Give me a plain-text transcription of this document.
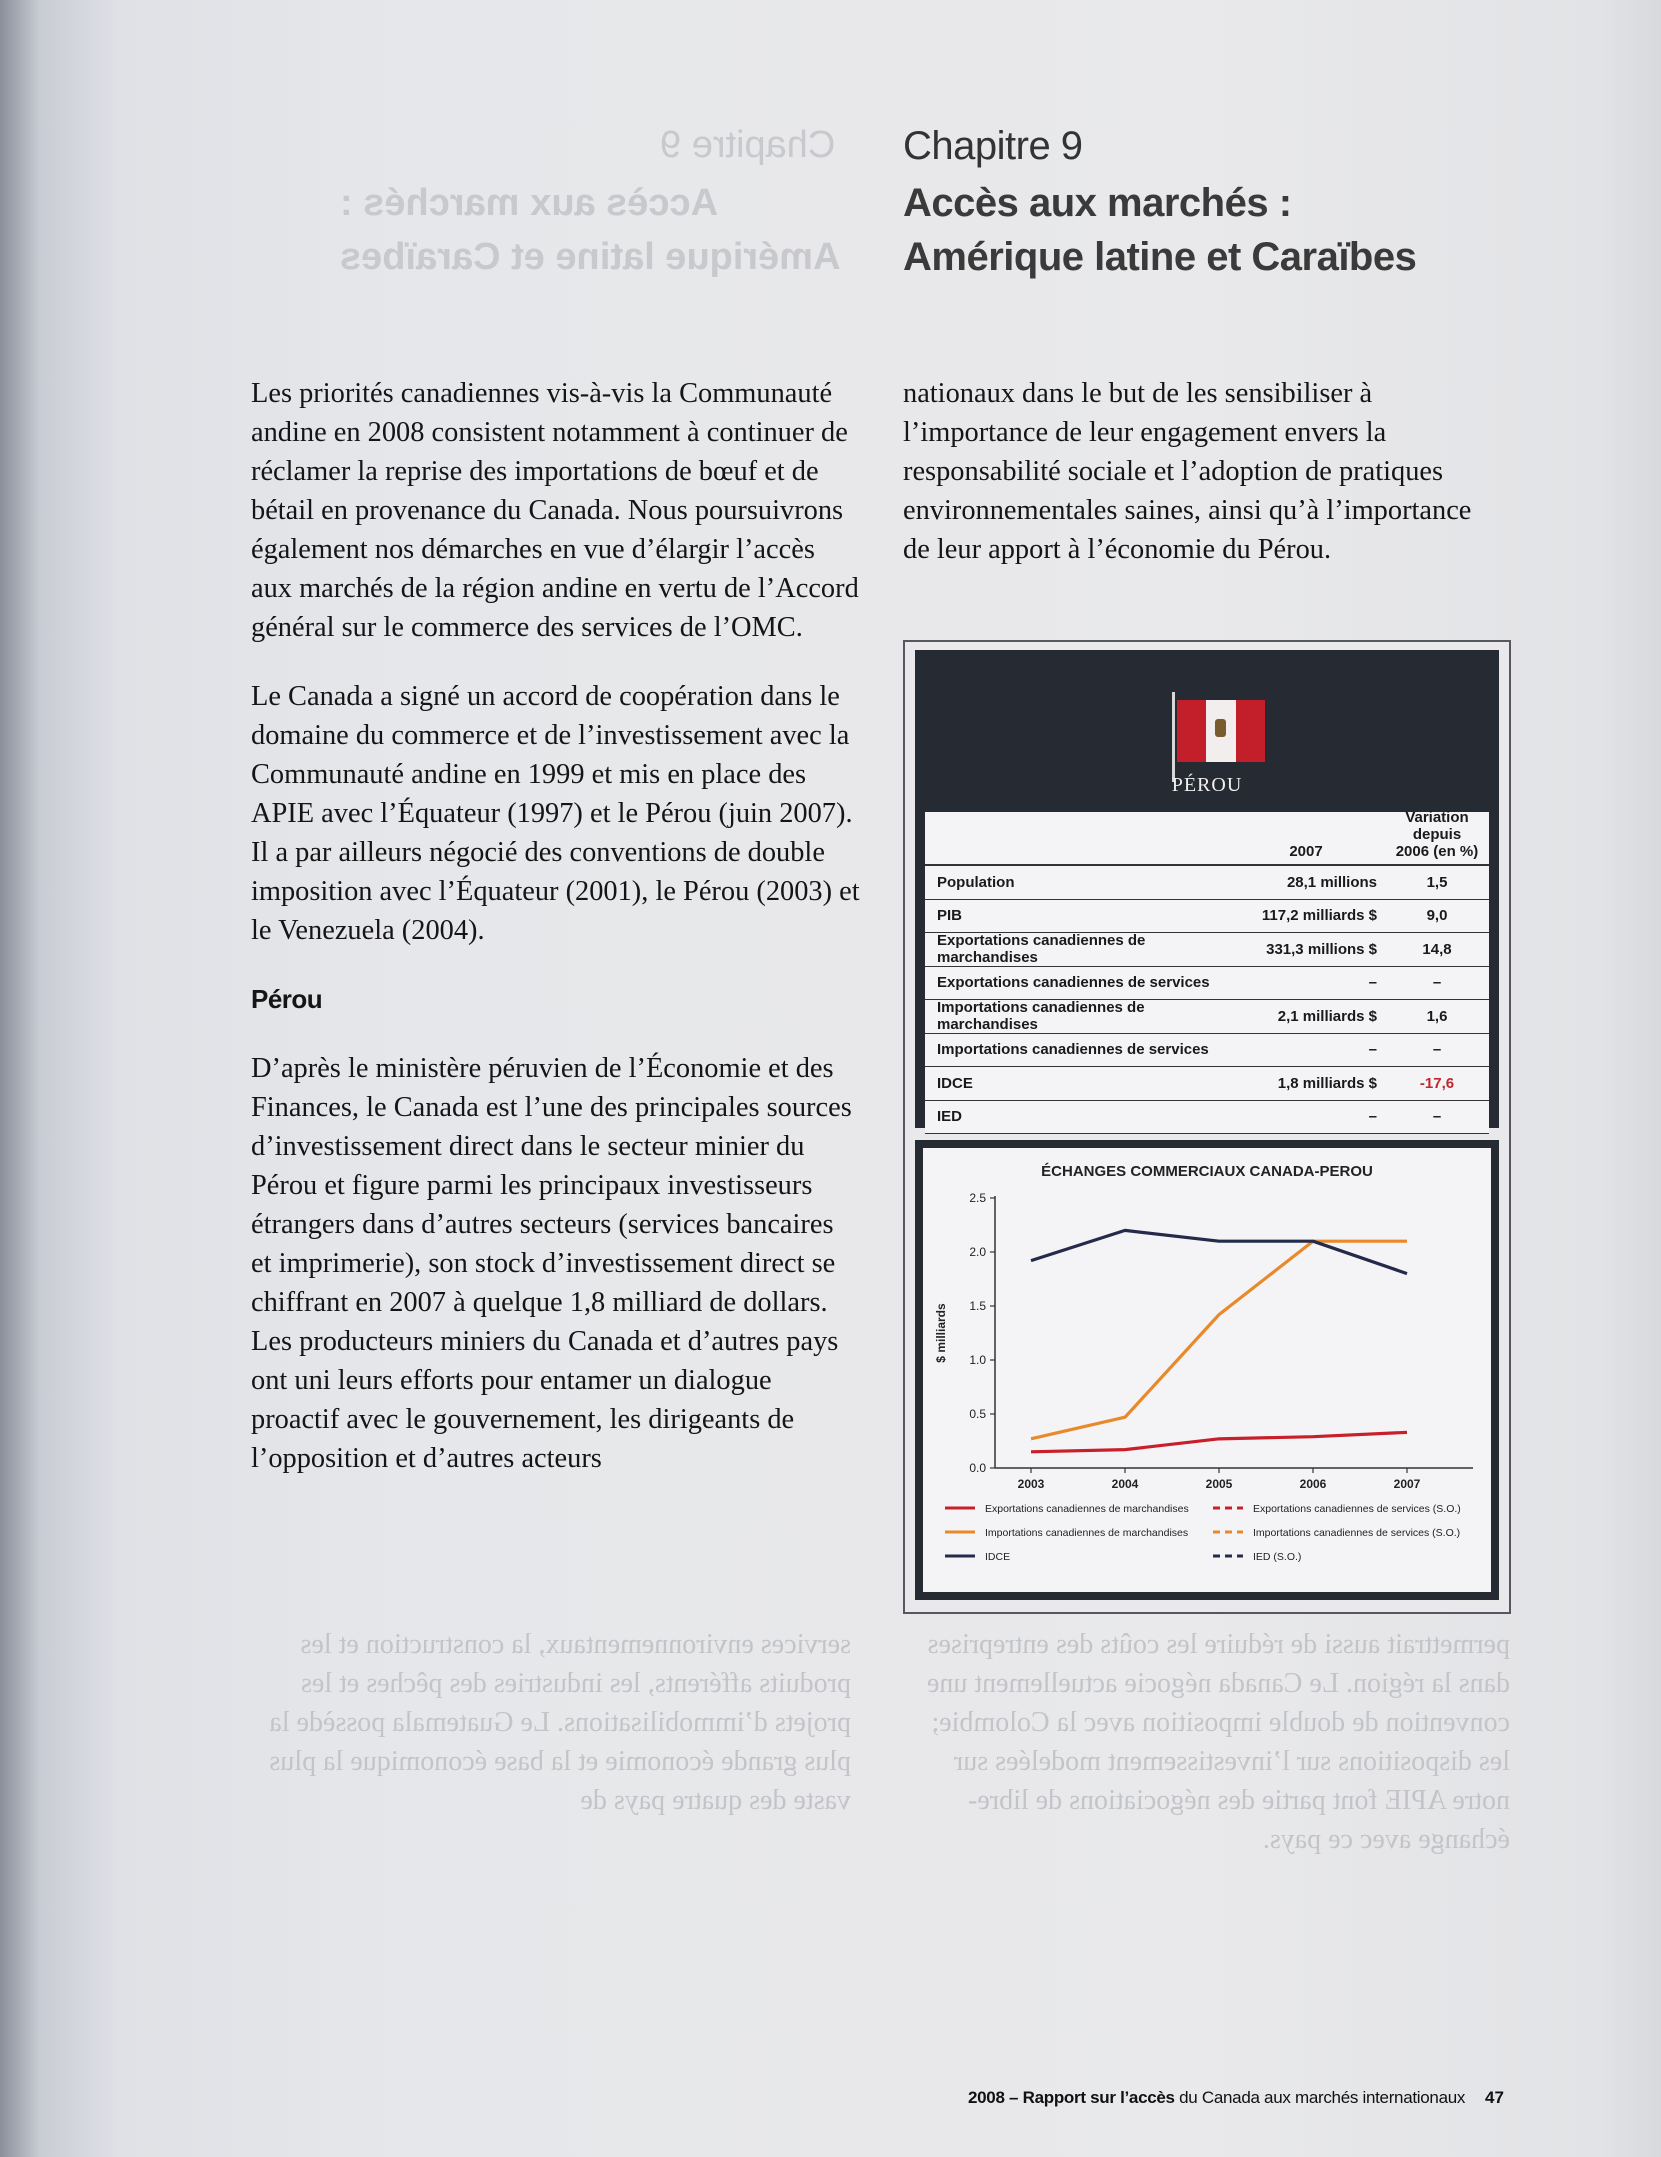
Chapitre 9
Accès aux marchés :
Amérique latine et Caraïbes
permettrait aussi de réduire les coûts des entreprises dans la région. Le Canada négocie actuellement une convention de double imposition avec la Colombie; les dispositions sur l’investissement modelées sur notre APIE font partie des négociations de libre-échange avec ce pays.
services environnementaux, la construction et les produits afférents, les industries des pêches et les projets d’immobilisations. Le Guatemala possède la plus grande économie et la base économique la plus vaste des quatre pays de
Chapitre 9
Accès aux marchés :
Amérique latine et Caraïbes

Les priorités canadiennes vis-à-vis la Communauté andine en 2008 consistent notamment à continuer de réclamer la reprise des importations de bœuf et de bétail en provenance du Canada. Nous poursuivrons également nos démarches en vue d’élargir l’accès aux marchés de la région andine en vertu de l’Accord général sur le commerce des services de l’OMC.

Le Canada a signé un accord de coopération dans le domaine du commerce et de l’investissement avec la Communauté andine en 1999 et mis en place des APIE avec l’Équateur (1997) et le Pérou (juin 2007). Il a par ailleurs négocié des conventions de double imposition avec l’Équateur (2001), le Pérou (2003) et le Venezuela (2004).

Pérou

D’après le ministère péruvien de l’Économie et des Finances, le Canada est l’une des principales sources d’investissement direct dans le secteur minier du Pérou et figure parmi les principaux investisseurs étrangers dans d’autres secteurs (services bancaires et imprimerie), son stock d’investissement direct se chiffrant en 2007 à quelque 1,8 milliard de dollars. Les producteurs miniers du Canada et d’autres pays ont uni leurs efforts pour entamer un dialogue proactif avec le gouvernement, les dirigeants de l’opposition et d’autres acteurs

nationaux dans le but de les sensibiliser à l’importance de leur engagement envers la responsabilité sociale et l’adoption de pratiques environnementales saines, ainsi qu’à l’importance de leur apport à l’économie du Pérou.

PÉROU
2007
Variation depuis
2006 (en %)
Population	28,1 millions	1,5
PIB	117,2 milliards $	9,0
Exportations canadiennes de marchandises	331,3 millions $	14,8
Exportations canadiennes de services	–	–
Importations canadiennes de marchandises	2,1 milliards $	1,6
Importations canadiennes de services	–	–
IDCE	1,8 milliards $	-17,6
IED	–	–
ÉCHANGES COMMERCIAUX CANADA-PEROU
0.0
0.5
1.0
1.5
2.0
2.5
2003	2004	2005	2006	2007
$ milliards
Exportations canadiennes de marchandises
Importations canadiennes de marchandises
IDCE
Exportations canadiennes de services (S.O.)
Importations canadiennes de services (S.O.)
IED (S.O.)
2008 – Rapport sur l’accès du Canada aux marchés internationaux 47
